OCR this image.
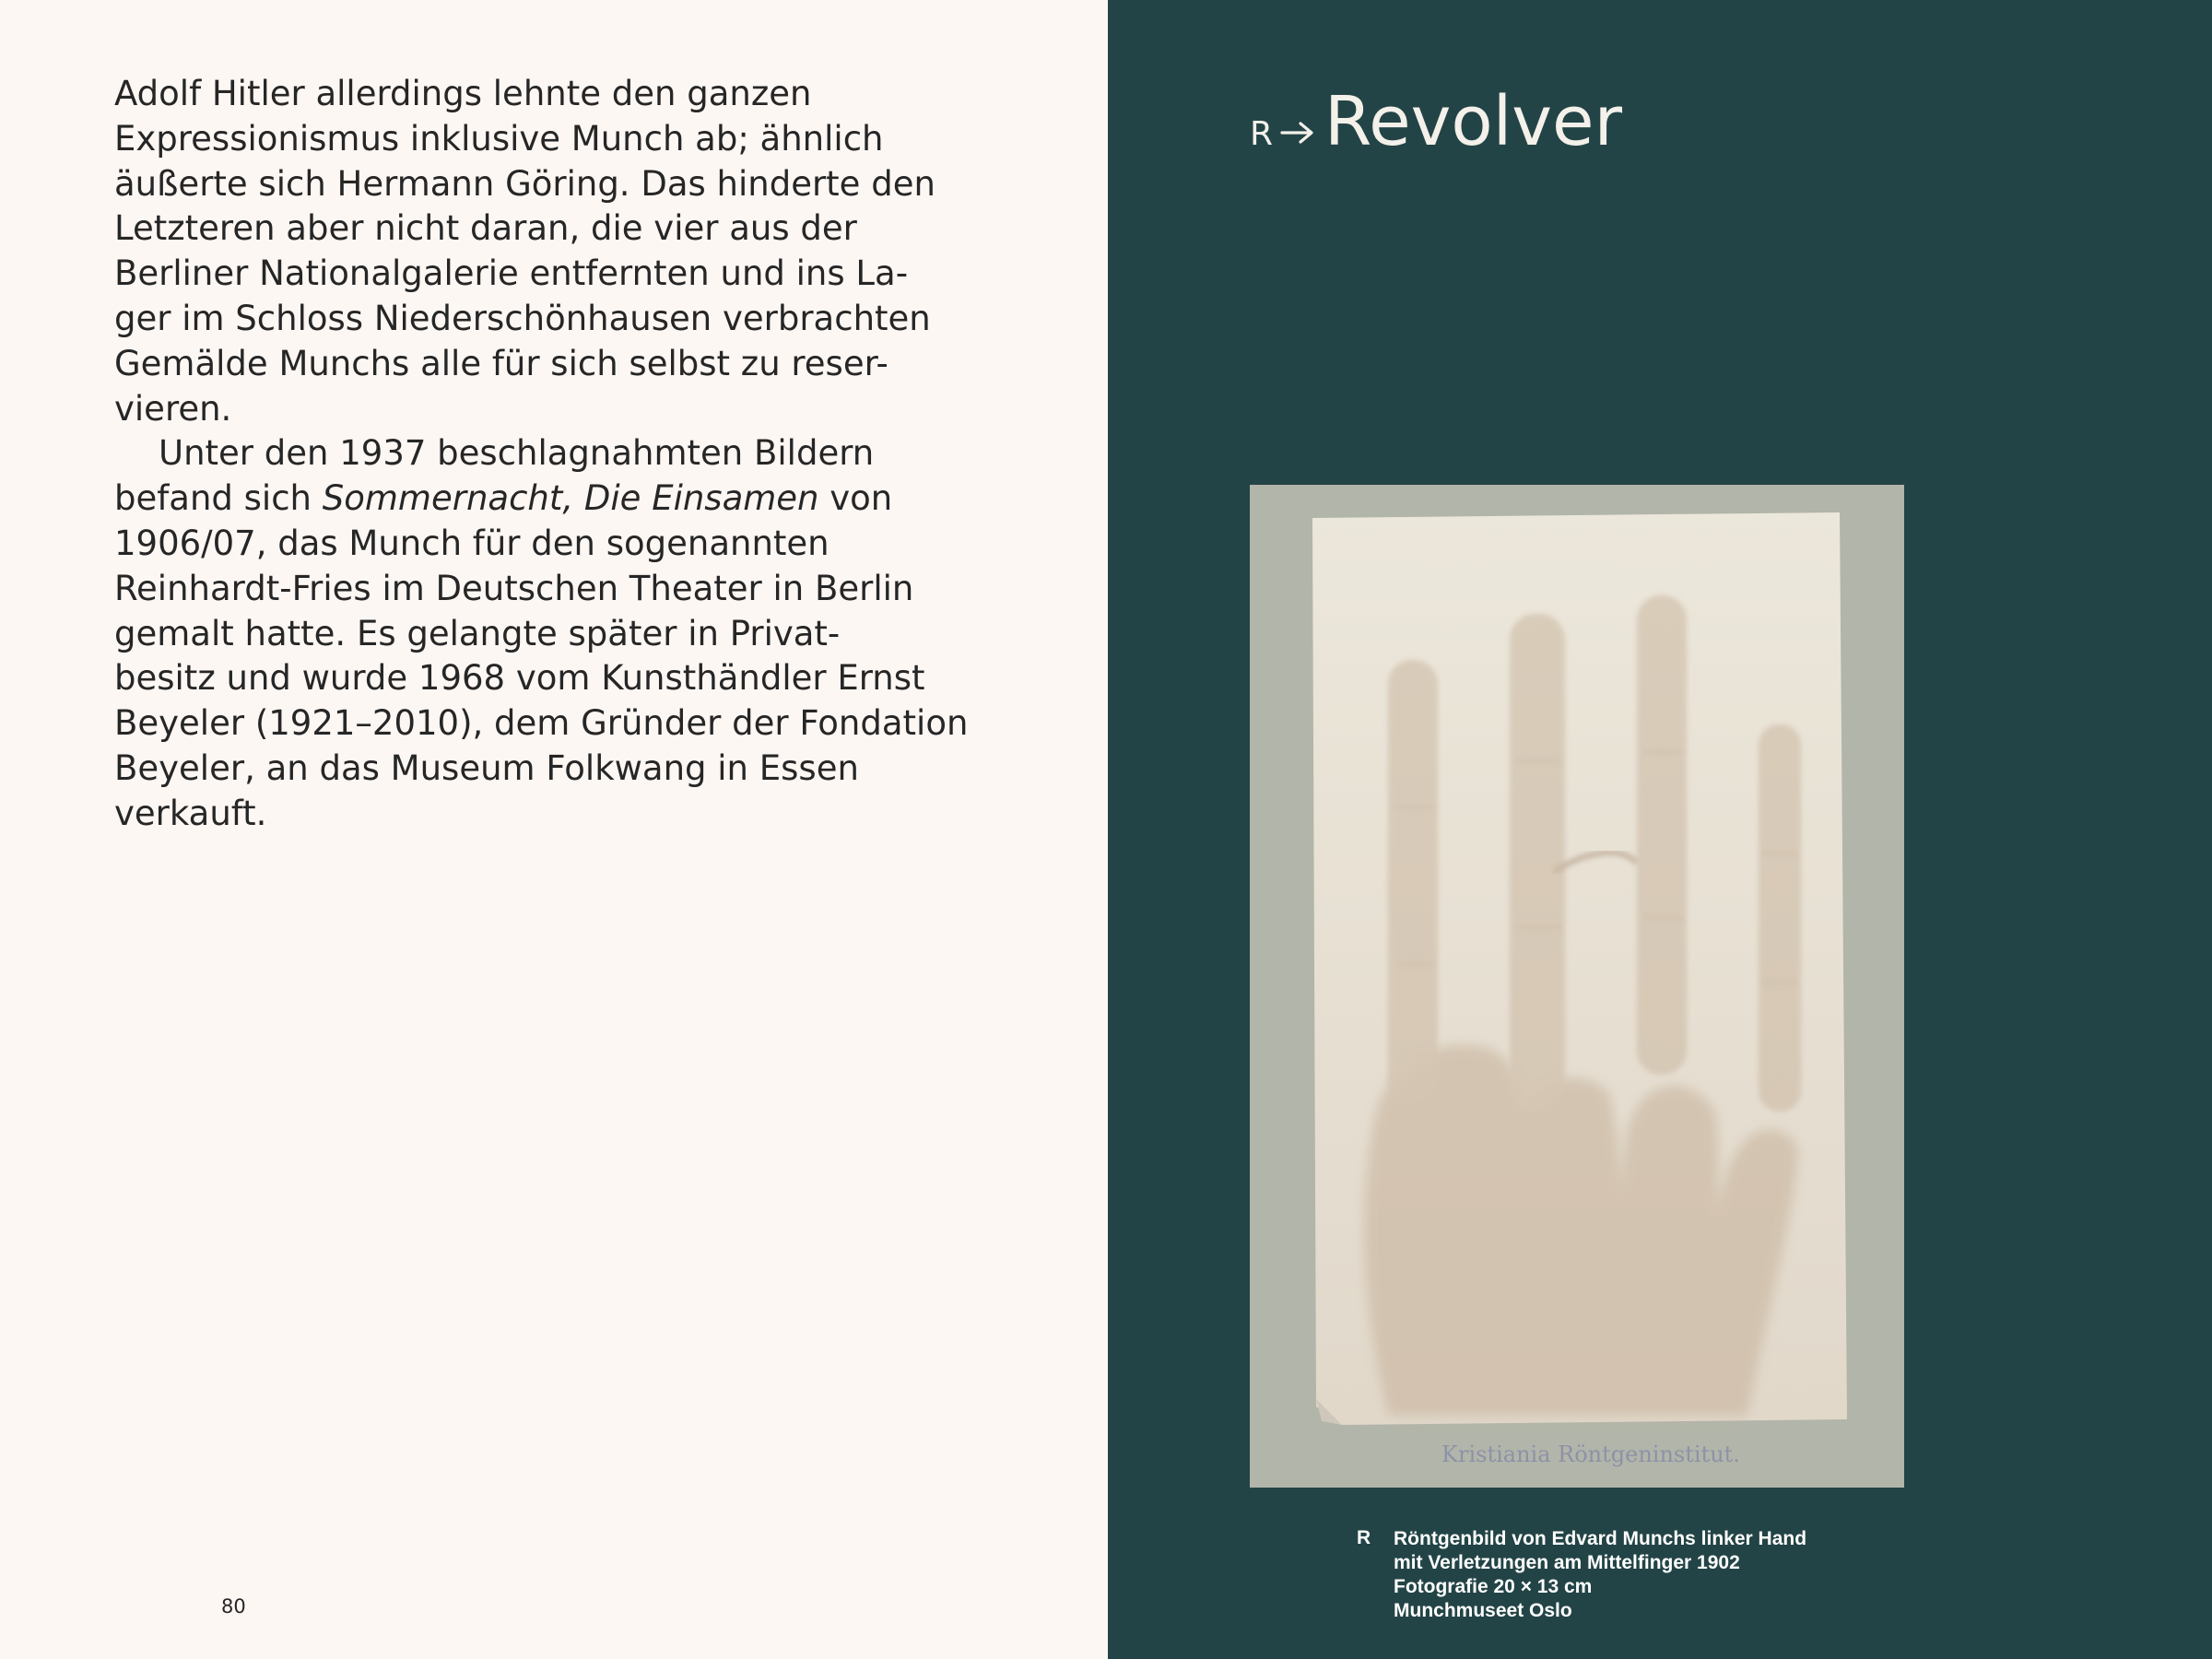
Adolf Hitler allerdings lehnte den ganzen
Expressionismus inklusive Munch ab; ähnlich
äußerte sich Hermann Göring. Das hinderte den
Letzteren aber nicht daran, die vier aus der
Berliner Nationalgalerie entfernten und ins La-
ger im Schloss Niederschönhausen verbrachten
Gemälde Munchs alle für sich selbst zu reser-
vieren.

Unter den 1937 beschlagnahmten Bildern
befand sich Sommernacht, Die Einsamen von
1906/07, das Munch für den sogenannten
Reinhardt-Fries im Deutschen Theater in Berlin
gemalt hatte. Es gelangte später in Privat-
besitz und wurde 1968 vom Kunsthändler Ernst
Beyeler (1921–2010), dem Gründer der Fondation
Beyeler, an das Museum Folkwang in Essen
verkauft.

80
R Revolver
Kristiania Röntgeninstitut.
R Röntgenbild von Edvard Munchs linker Hand
mit Verletzungen am Mittelfinger 1902
Fotografie 20 × 13 cm
Munchmuseet Oslo
